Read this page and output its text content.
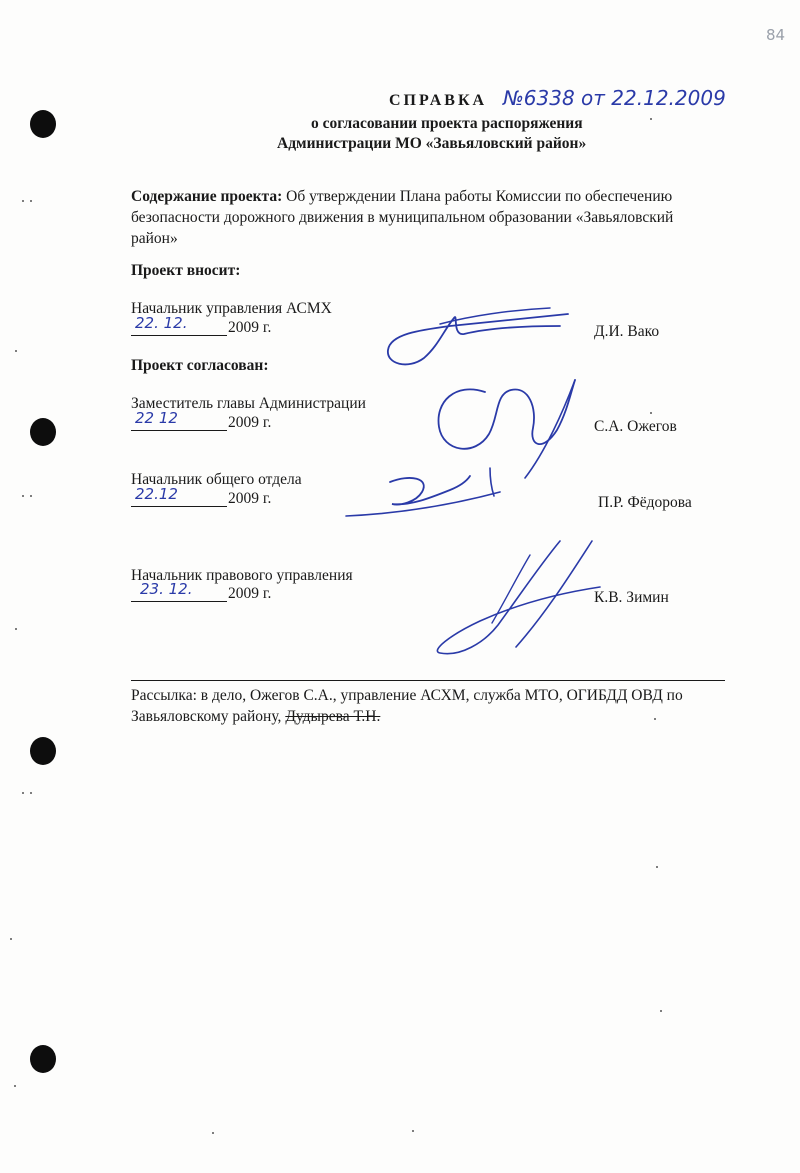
84
СПРАВКА №6338 от 22.12.2009
о согласовании проекта распоряжения
Администрации МО «Завьяловский район»
Содержание проекта: Об утверждении Плана работы Комиссии по обеспечению
безопасности дорожного движения в муниципальном образовании «Завьяловский
район»
Проект вносит:
Начальник управления АСМХ
22. 12.	2009 г.	Д.И. Вако
Проект согласован:
Заместитель главы Администрации
22 12	2009 г.	С.А. Ожегов
Начальник общего отдела
22.12	2009 г.	П.Р. Фёдорова
Начальник правового управления
23. 12. 2009 г.	К.В. Зимин
Рассылка: в дело, Ожегов С.А., управление АСХМ, служба МТО, ОГИБДД ОВД по
Завьяловскому району, Дудырева Т.Н.
